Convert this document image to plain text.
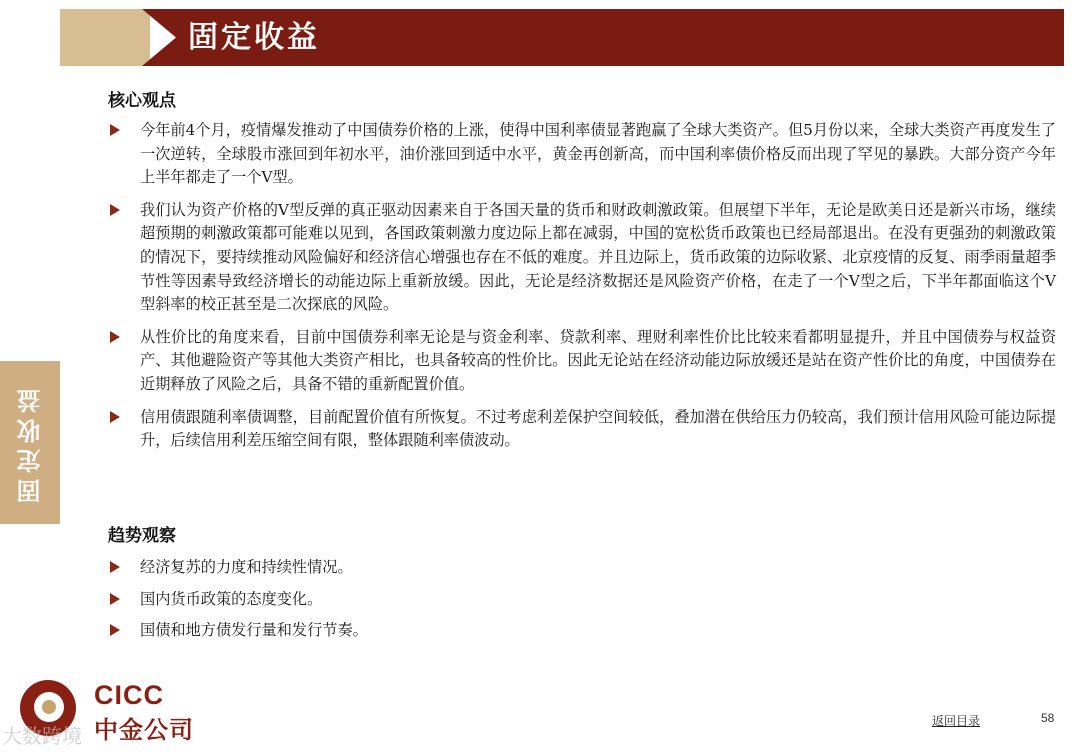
固定收益
固定收益
核心观点
今年前4个月，疫情爆发推动了中国债券价格的上涨，使得中国利率债显著跑赢了全球大类资产。但5月份以来，全球大类资产再度发生了一次逆转，全球股市涨回到年初水平，油价涨回到适中水平，黄金再创新高，而中国利率债价格反而出现了罕见的暴跌。大部分资产今年上半年都走了一个V型。
我们认为资产价格的V型反弹的真正驱动因素来自于各国天量的货币和财政刺激政策。但展望下半年，无论是欧美日还是新兴市场，继续超预期的刺激政策都可能难以见到，各国政策刺激力度边际上都在减弱，中国的宽松货币政策也已经局部退出。在没有更强劲的刺激政策的情况下，要持续推动风险偏好和经济信心增强也存在不低的难度。并且边际上，货币政策的边际收紧、北京疫情的反复、雨季雨量超季节性等因素导致经济增长的动能边际上重新放缓。因此，无论是经济数据还是风险资产价格，在走了一个V型之后，下半年都面临这个V型斜率的校正甚至是二次探底的风险。
从性价比的角度来看，目前中国债券利率无论是与资金利率、贷款利率、理财利率性价比比较来看都明显提升，并且中国债券与权益资产、其他避险资产等其他大类资产相比，也具备较高的性价比。因此无论站在经济动能边际放缓还是站在资产性价比的角度，中国债券在近期释放了风险之后，具备不错的重新配置价值。
信用债跟随利率债调整，目前配置价值有所恢复。不过考虑利差保护空间较低，叠加潜在供给压力仍较高，我们预计信用风险可能边际提升，后续信用利差压缩空间有限，整体跟随利率债波动。
趋势观察
经济复苏的力度和持续性情况。
国内货币政策的态度变化。
国债和地方债发行量和发行节奏。
CICC
中金公司
大数跨境
返回目录	58
